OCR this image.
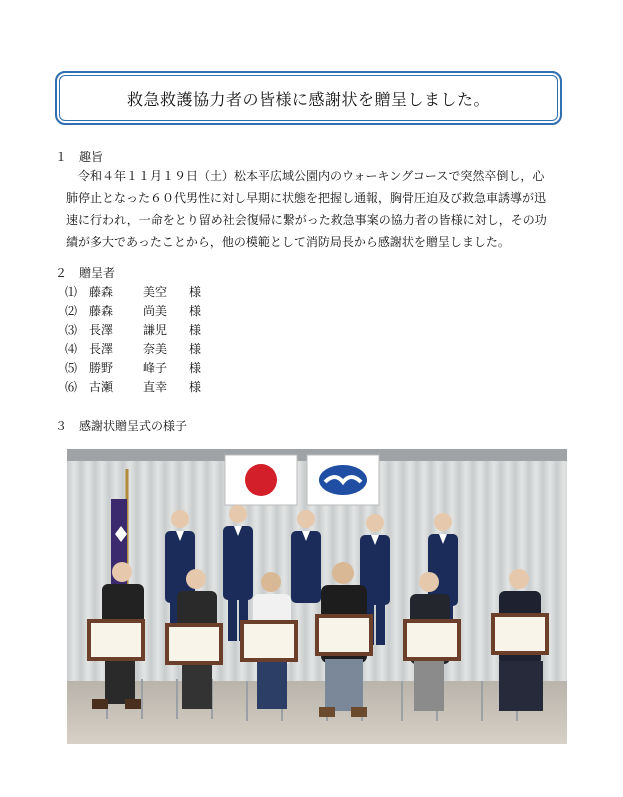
救急救護協力者の皆様に感謝状を贈呈しました。
１ 趣旨
令和４年１１月１９日（土）松本平広域公園内のウォーキングコースで突然卒倒し，心
肺停止となった６０代男性に対し早期に状態を把握し通報，胸骨圧迫及び救急車誘導が迅
速に行われ，一命をとり留め社会復帰に繋がった救急事案の協力者の皆様に対し，その功
績が多大であったことから，他の模範として消防局長から感謝状を贈呈しました。
２ 贈呈者
⑴ 藤森 美空 様
⑵ 藤森 尚美 様
⑶ 長澤 謙児 様
⑷ 長澤 奈美 様
⑸ 勝野 峰子 様
⑹ 古瀬 直幸 様
３ 感謝状贈呈式の様子
